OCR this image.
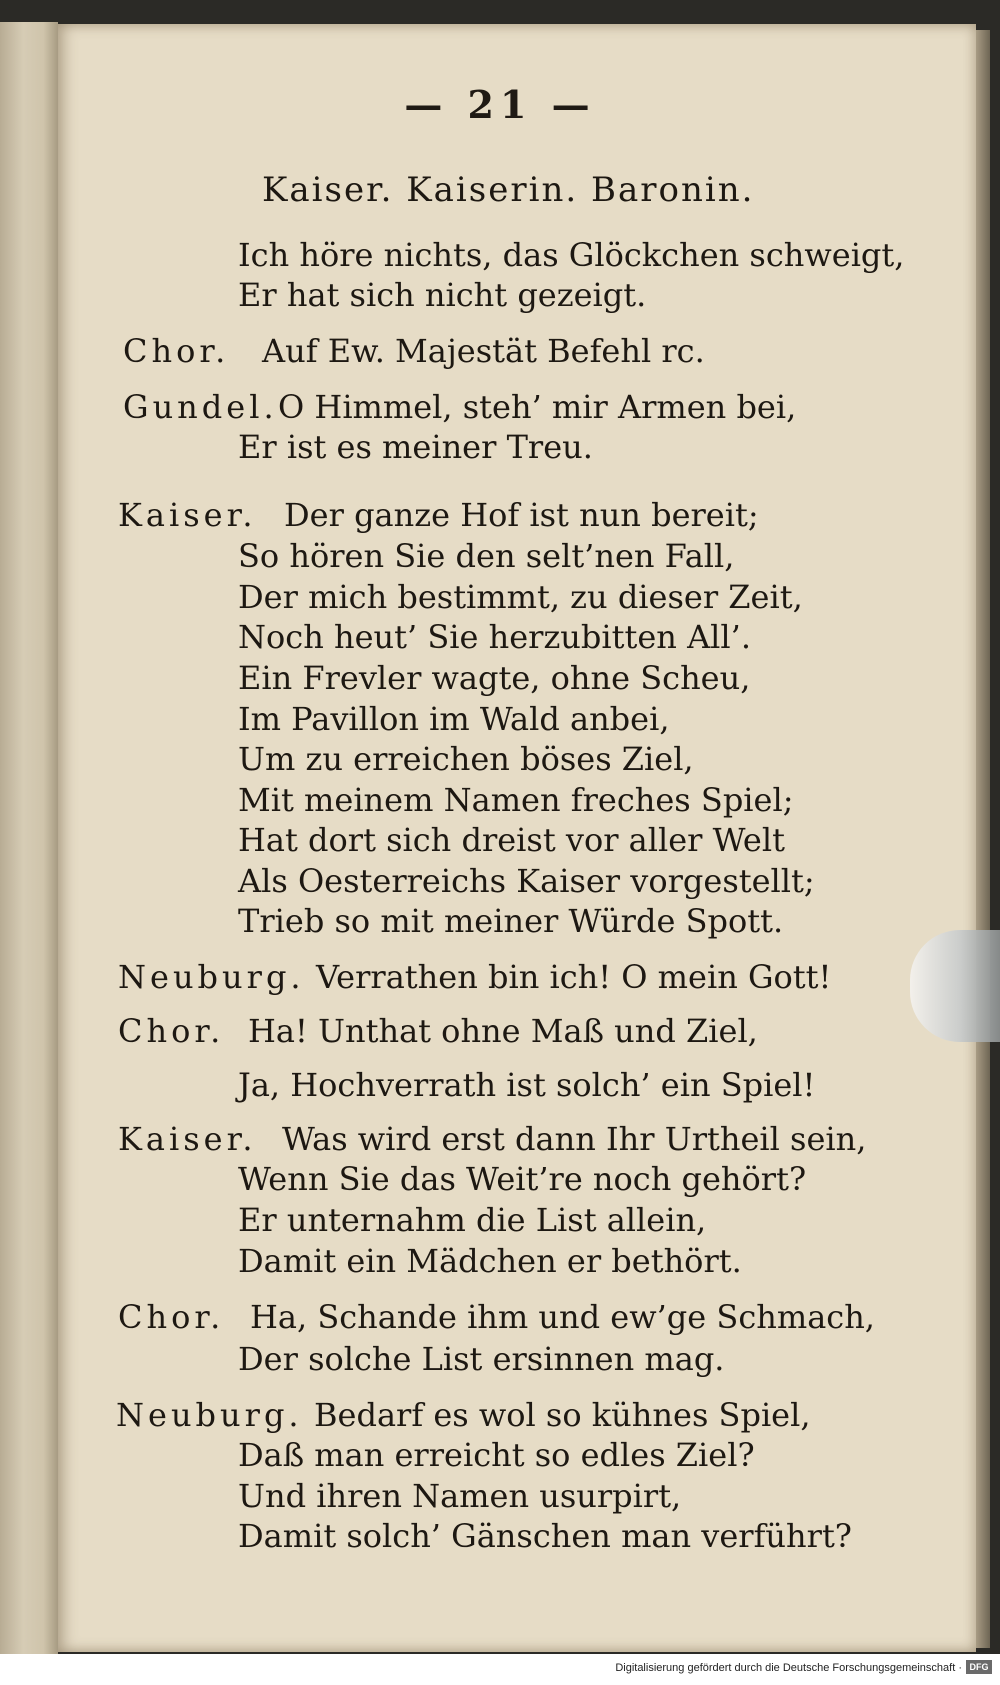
— 21 —
Kaiser. Kaiserin. Baronin.
Ich höre nichts, das Glöckchen schweigt,
Er hat sich nicht gezeigt.
Chor. Auf Ew. Majestät Befehl rc.
Gundel. O Himmel, steh’ mir Armen bei,
Er ist es meiner Treu.
Kaiser. Der ganze Hof ist nun bereit;
So hören Sie den selt’nen Fall,
Der mich bestimmt, zu dieser Zeit,
Noch heut’ Sie herzubitten All’.
Ein Frevler wagte, ohne Scheu,
Im Pavillon im Wald anbei,
Um zu erreichen böses Ziel,
Mit meinem Namen freches Spiel;
Hat dort sich dreist vor aller Welt
Als Oesterreichs Kaiser vorgestellt;
Trieb so mit meiner Würde Spott.
Neuburg. Verrathen bin ich! O mein Gott!
Chor. Ha! Unthat ohne Maß und Ziel,
Ja, Hochverrath ist solch’ ein Spiel!
Kaiser. Was wird erst dann Ihr Urtheil sein,
Wenn Sie das Weit’re noch gehört?
Er unternahm die List allein,
Damit ein Mädchen er bethört.
Chor. Ha, Schande ihm und ew’ge Schmach,
Der solche List ersinnen mag.
Neuburg. Bedarf es wol so kühnes Spiel,
Daß man erreicht so edles Ziel?
Und ihren Namen usurpirt,
Damit solch’ Gänschen man verführt?
Digitalisierung gefördert durch die Deutsche Forschungsgemeinschaft · DFG
